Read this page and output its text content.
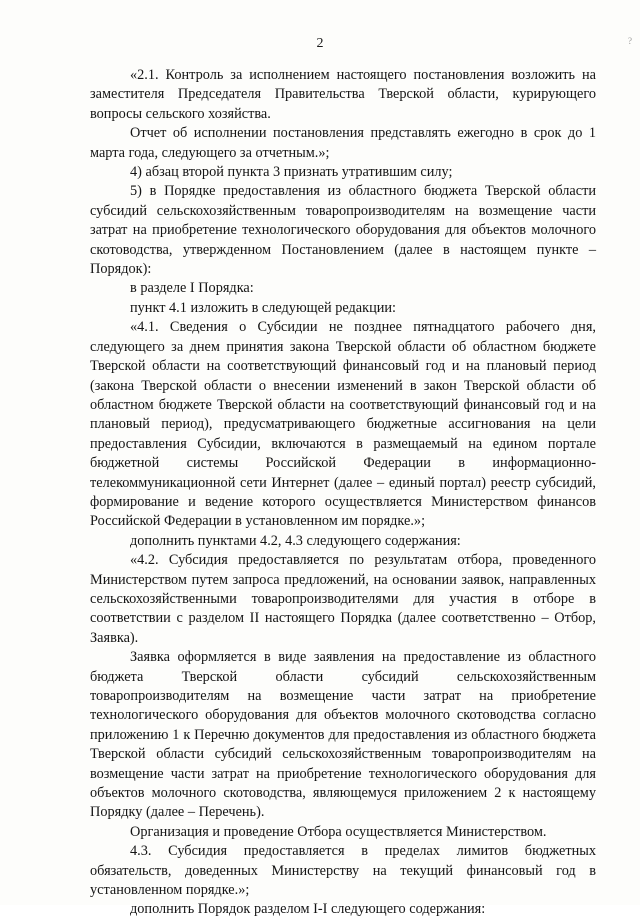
2	?

«2.1. Контроль за исполнением настоящего постановления возложить на заместителя Председателя Правительства Тверской области, курирующего вопросы сельского хозяйства.

Отчет об исполнении постановления представлять ежегодно в срок до 1 марта года, следующего за отчетным.»;

4) абзац второй пункта 3 признать утратившим силу;

5) в Порядке предоставления из областного бюджета Тверской области субсидий сельскохозяйственным товаропроизводителям на возмещение части затрат на приобретение технологического оборудования для объектов молочного скотоводства, утвержденном Постановлением (далее в настоящем пункте – Порядок):

в разделе I Порядка:

пункт 4.1 изложить в следующей редакции:

«4.1. Сведения о Субсидии не позднее пятнадцатого рабочего дня, следующего за днем принятия закона Тверской области об областном бюджете Тверской области на соответствующий финансовый год и на плановый период (закона Тверской области о внесении изменений в закон Тверской области об областном бюджете Тверской области на соответствующий финансовый год и на плановый период), предусматривающего бюджетные ассигнования на цели предоставления Субсидии, включаются в размещаемый на едином портале бюджетной системы Российской Федерации в информационно-телекоммуникационной сети Интернет (далее – единый портал) реестр субсидий, формирование и ведение которого осуществляется Министерством финансов Российской Федерации в установленном им порядке.»;

дополнить пунктами 4.2, 4.3 следующего содержания:

«4.2. Субсидия предоставляется по результатам отбора, проведенного Министерством путем запроса предложений, на основании заявок, направленных сельскохозяйственными товаропроизводителями для участия в отборе в соответствии с разделом II настоящего Порядка (далее соответственно – Отбор, Заявка).

Заявка оформляется в виде заявления на предоставление из областного бюджета Тверской области субсидий сельскохозяйственным товаропроизводителям на возмещение части затрат на приобретение технологического оборудования для объектов молочного скотоводства согласно приложению 1 к Перечню документов для предоставления из областного бюджета Тверской области субсидий сельскохозяйственным товаропроизводителям на возмещение части затрат на приобретение технологического оборудования для объектов молочного скотоводства, являющемуся приложением 2 к настоящему Порядку (далее – Перечень).

Организация и проведение Отбора осуществляется Министерством.

4.3. Субсидия предоставляется в пределах лимитов бюджетных обязательств, доведенных Министерству на текущий финансовый год в установленном порядке.»;

дополнить Порядок разделом I-I следующего содержания:
